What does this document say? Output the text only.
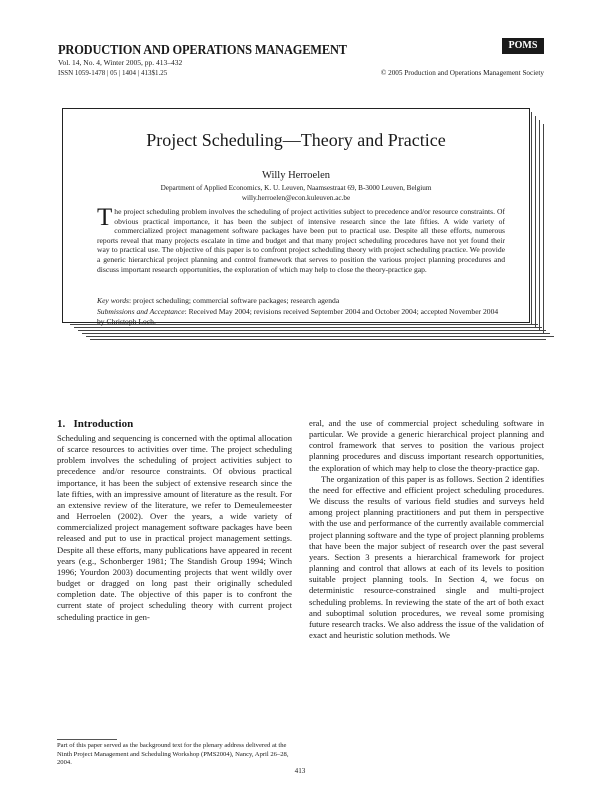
PRODUCTION AND OPERATIONS MANAGEMENT	POMS
Vol. 14, No. 4, Winter 2005, pp. 413–432
ISSN 1059-1478 | 05 | 1404 | 413$1.25	© 2005 Production and Operations Management Society
Project Scheduling—Theory and Practice
Willy Herroelen
Department of Applied Economics, K. U. Leuven, Naamsestraat 69, B-3000 Leuven, Belgium
willy.herroelen@econ.kuleuven.ac.be

The project scheduling problem involves the scheduling of project activities subject to precedence and/or resource constraints. Of obvious practical importance, it has been the subject of intensive research since the late fifties. A wide variety of commercialized project management software packages have been put to practical use. Despite all these efforts, numerous reports reveal that many projects escalate in time and budget and that many project scheduling procedures have not yet found their way to practical use. The objective of this paper is to confront project scheduling theory with project scheduling practice. We provide a generic hierarchical project planning and control framework that serves to position the various project planning procedures and discuss important research opportunities, the exploration of which may help to close the theory-practice gap.

Key words: project scheduling; commercial software packages; research agenda

Submissions and Acceptance: Received May 2004; revisions received September 2004 and October 2004; accepted November 2004 by Christoph Loch.

1.   Introduction

Scheduling and sequencing is concerned with the optimal allocation of scarce resources to activities over time. The project scheduling problem involves the scheduling of project activities subject to precedence and/or resource constraints. Of obvious practical importance, it has been the subject of extensive research since the late fifties, with an impressive amount of literature as the result. For an extensive review of the literature, we refer to Demeulemeester and Herroelen (2002). Over the years, a wide variety of commercialized project management software packages have been released and put to use in practical project management settings. Despite all these efforts, many publications have appeared in recent years (e.g., Schonberger 1981; The Standish Group 1994; Winch 1996; Yourdon 2003) documenting projects that went wildly over budget or dragged on long past their originally scheduled completion date. The objective of this paper is to confront the current state of project scheduling theory with current project scheduling practice in gen-

eral, and the use of commercial project scheduling software in particular. We provide a generic hierarchical project planning and control framework that serves to position the various project planning procedures and discuss important research opportunities, the exploration of which may help to close the theory-practice gap.

The organization of this paper is as follows. Section 2 identifies the need for effective and efficient project scheduling procedures. We discuss the results of various field studies and surveys held among project planning practitioners and put them in perspective with the use and performance of the currently available commercial project planning software and the type of project planning problems that have been the major subject of research over the past several years. Section 3 presents a hierarchical framework for project planning and control that allows at each of its levels to position suitable project planning tools. In Section 4, we focus on deterministic resource-constrained single and multi-project scheduling problems. In reviewing the state of the art of both exact and suboptimal solution procedures, we reveal some promising future research tracks. We also address the issue of the validation of exact and heuristic solution methods. We

Part of this paper served as the background text for the plenary address delivered at the Ninth Project Management and Scheduling Workshop (PMS2004), Nancy, April 26–28, 2004.

413
